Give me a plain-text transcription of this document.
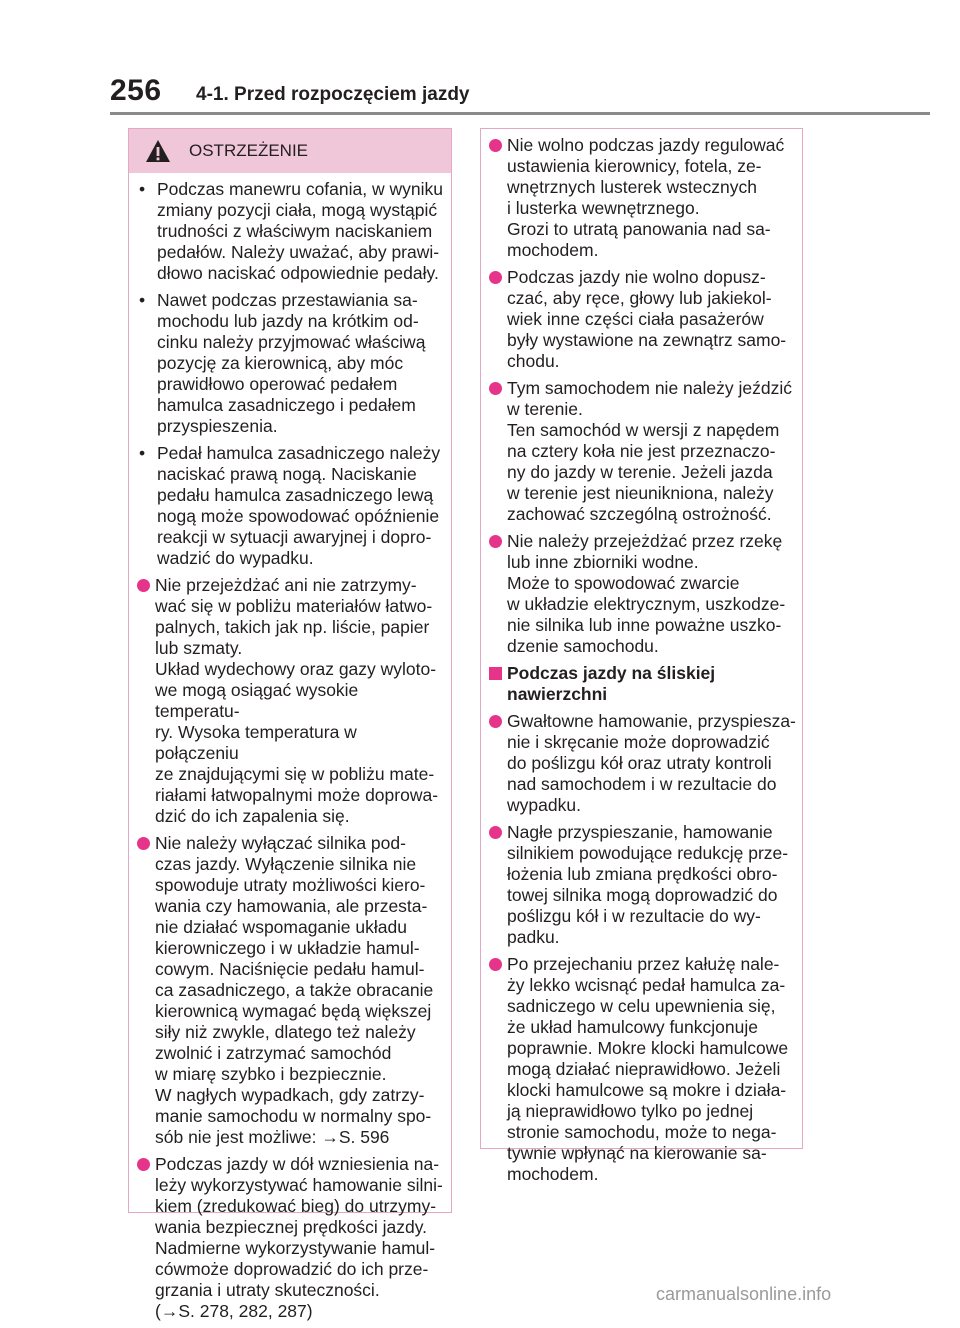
256 4-1. Przed rozpoczęciem jazdy
OSTRZEŻENIE
• Podczas manewru cofania, w wyniku
zmiany pozycji ciała, mogą wystąpić
trudności z właściwym naciskaniem
pedałów. Należy uważać, aby prawi-
dłowo naciskać odpowiednie pedały.
• Nawet podczas przestawiania sa-
mochodu lub jazdy na krótkim od-
cinku należy przyjmować właściwą
pozycję za kierownicą, aby móc
prawidłowo operować pedałem
hamulca zasadniczego i pedałem
przyspieszenia.
• Pedał hamulca zasadniczego należy
naciskać prawą nogą. Naciskanie
pedału hamulca zasadniczego lewą
nogą może spowodować opóźnienie
reakcji w sytuacji awaryjnej i dopro-
wadzić do wypadku.
Nie przejeżdżać ani nie zatrzymy-
wać się w pobliżu materiałów łatwo-
palnych, takich jak np. liście, papier
lub szmaty.
Układ wydechowy oraz gazy wyloto-
we mogą osiągać wysokie temperatu-
ry. Wysoka temperatura w połączeniu
ze znajdującymi się w pobliżu mate-
riałami łatwopalnymi może doprowa-
dzić do ich zapalenia się.
Nie należy wyłączać silnika pod-
czas jazdy. Wyłączenie silnika nie
spowoduje utraty możliwości kiero-
wania czy hamowania, ale przesta-
nie działać wspomaganie układu
kierowniczego i w układzie hamul-
cowym. Naciśnięcie pedału hamul-
ca zasadniczego, a także obracanie
kierownicą wymagać będą większej
siły niż zwykle, dlatego też należy
zwolnić i zatrzymać samochód
w miarę szybko i bezpiecznie.
W nagłych wypadkach, gdy zatrzy-
manie samochodu w normalny spo-
sób nie jest możliwe: →S. 596
Podczas jazdy w dół wzniesienia na-
leży wykorzystywać hamowanie silni-
kiem (zredukować bieg) do utrzymy-
wania bezpiecznej prędkości jazdy.
Nadmierne wykorzystywanie hamul-
cówmoże doprowadzić do ich prze-
grzania i utraty skuteczności.
(→S. 278, 282, 287)
Nie wolno podczas jazdy regulować
ustawienia kierownicy, fotela, ze-
wnętrznych lusterek wstecznych
i lusterka wewnętrznego.
Grozi to utratą panowania nad sa-
mochodem.
Podczas jazdy nie wolno dopusz-
czać, aby ręce, głowy lub jakiekol-
wiek inne części ciała pasażerów
były wystawione na zewnątrz samo-
chodu.
Tym samochodem nie należy jeździć
w terenie.
Ten samochód w wersji z napędem
na cztery koła nie jest przeznaczo-
ny do jazdy w terenie. Jeżeli jazda
w terenie jest nieunikniona, należy
zachować szczególną ostrożność.
Nie należy przejeżdżać przez rzekę
lub inne zbiorniki wodne.
Może to spowodować zwarcie
w układzie elektrycznym, uszkodze-
nie silnika lub inne poważne uszko-
dzenie samochodu.
Podczas jazdy na śliskiej
nawierzchni
Gwałtowne hamowanie, przyspiesza-
nie i skręcanie może doprowadzić
do poślizgu kół oraz utraty kontroli
nad samochodem i w rezultacie do
wypadku.
Nagłe przyspieszanie, hamowanie
silnikiem powodujące redukcję prze-
łożenia lub zmiana prędkości obro-
towej silnika mogą doprowadzić do
poślizgu kół i w rezultacie do wy-
padku.
Po przejechaniu przez kałużę nale-
ży lekko wcisnąć pedał hamulca za-
sadniczego w celu upewnienia się,
że układ hamulcowy funkcjonuje
poprawnie. Mokre klocki hamulcowe
mogą działać nieprawidłowo. Jeżeli
klocki hamulcowe są mokre i działa-
ją nieprawidłowo tylko po jednej
stronie samochodu, może to nega-
tywnie wpłynąć na kierowanie sa-
mochodem.
carmanualsonline.info
